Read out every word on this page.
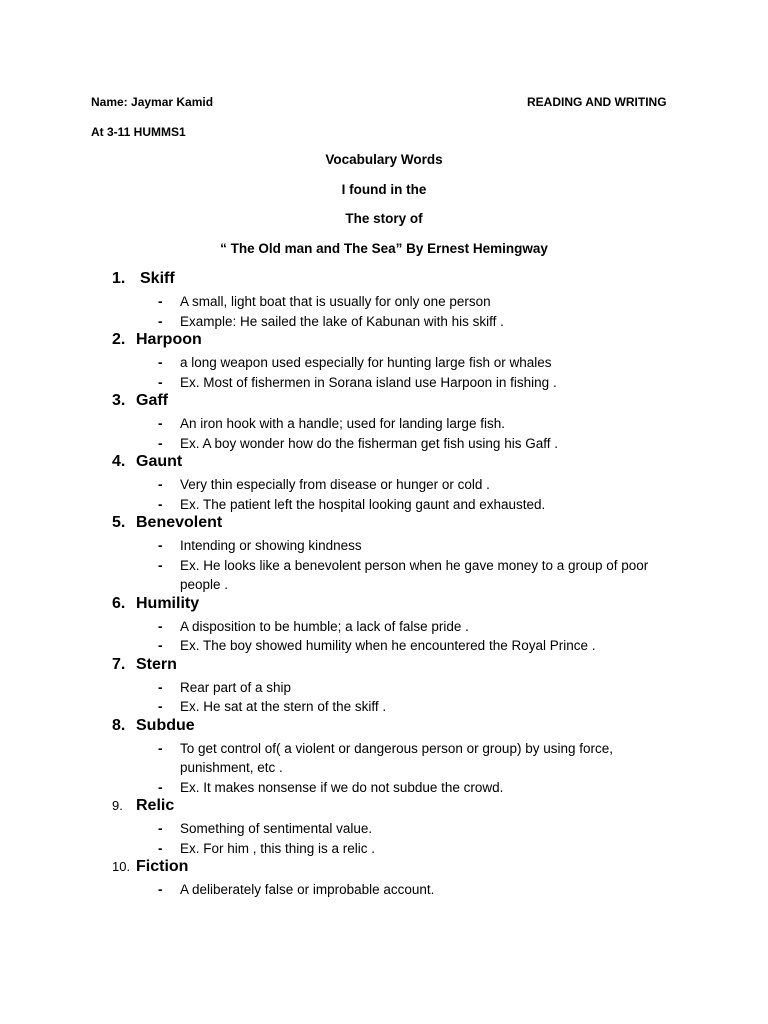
Name: Jaymar Kamid	READING AND WRITING
At 3-11 HUMMS1
Vocabulary Words
I found in the
The story of
“ The Old man and The Sea” By Ernest Hemingway
1. Skiff
-	A small, light boat that is usually for only one person
-	Example: He sailed the lake of Kabunan with his skiff .
2. Harpoon
-	a long weapon used especially for hunting large fish or whales
-	Ex. Most of fishermen in Sorana island use Harpoon in fishing .
3. Gaff
-	An iron hook with a handle; used for landing large fish.
-	Ex. A boy wonder how do the fisherman get fish using his Gaff .
4. Gaunt
-	Very thin especially from disease or hunger or cold .
-	Ex. The patient left the hospital looking gaunt and exhausted.
5. Benevolent
-	Intending or showing kindness
-	Ex. He looks like a benevolent person when he gave money to a group of poor people .
6. Humility
-	A disposition to be humble; a lack of false pride .
-	Ex. The boy showed humility when he encountered the Royal Prince .
7. Stern
-	Rear part of a ship
-	Ex. He sat at the stern of the skiff .
8. Subdue
-	To get control of( a violent or dangerous person or group) by using force, punishment, etc .
-	Ex. It makes nonsense if we do not subdue the crowd.
9. Relic
-	Something of sentimental value.
-	Ex. For him , this thing is a relic .
10. Fiction
-	A deliberately false or improbable account.
